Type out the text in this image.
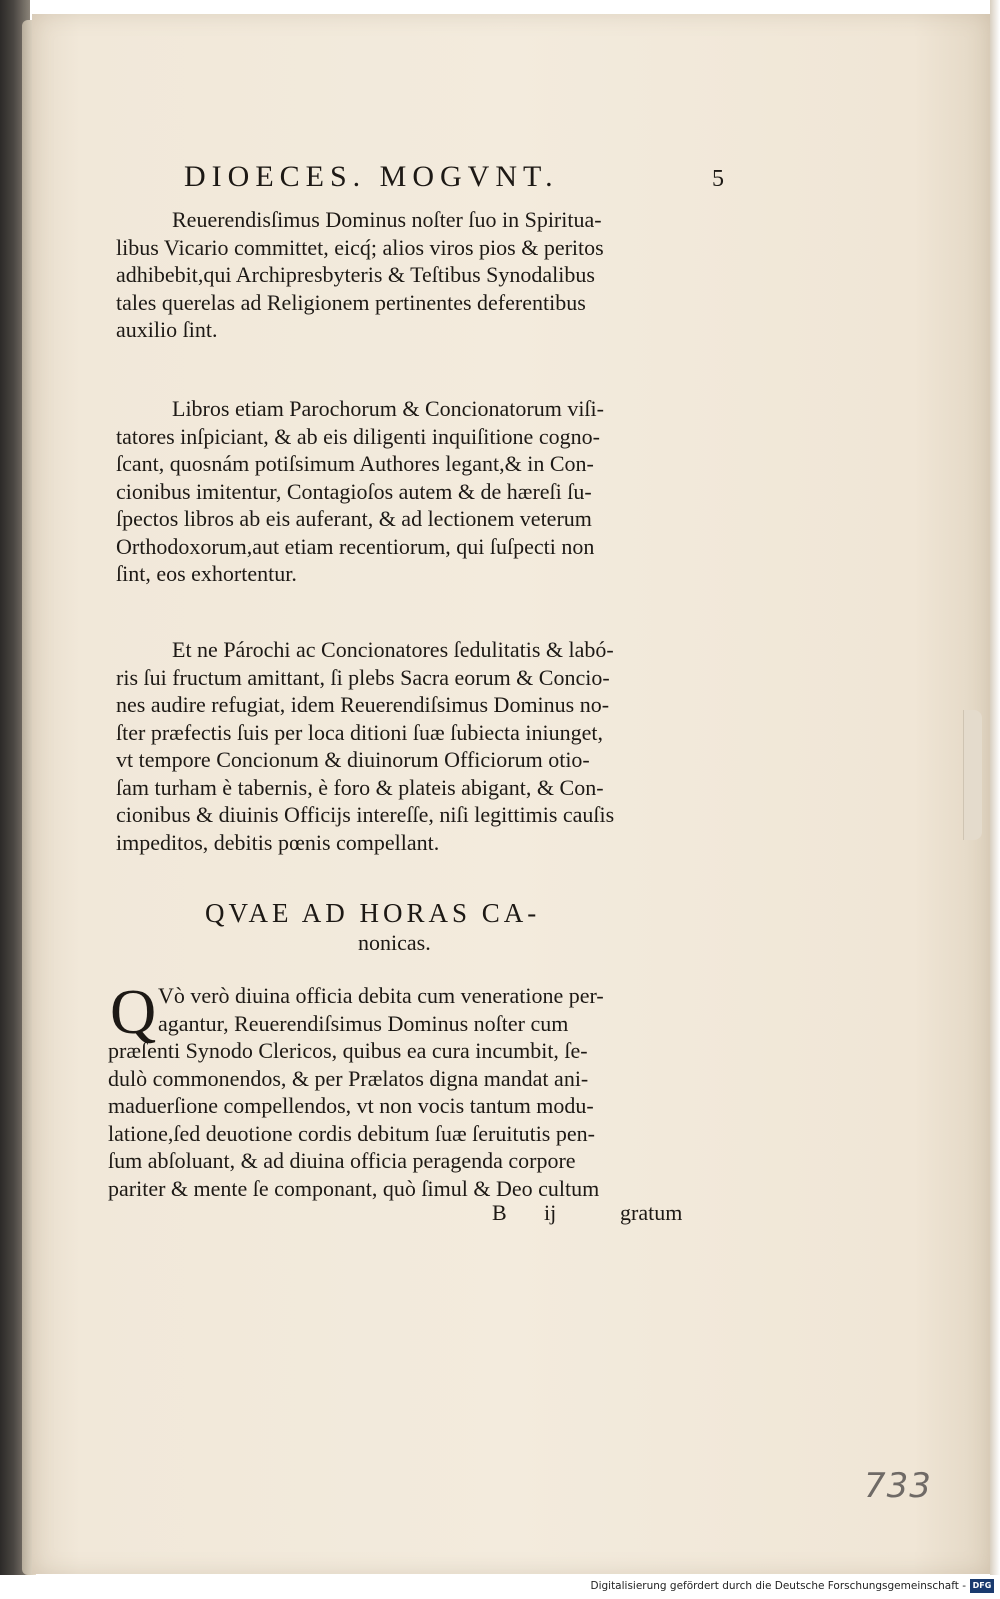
DIOECES. MOGVNT.	5
Reuerendisſimus Dominus noſter ſuo in Spiritua-
libus Vicario committet, eicq́; alios viros pios & peritos
adhibebit,qui Archipresbyteris & Teſtibus Synodalibus
tales querelas ad Religionem pertinentes deferentibus
auxilio ſint.
Libros etiam Parochorum & Concionatorum viſi-
tatores inſpiciant, & ab eis diligenti inquiſitione cogno-
ſcant, quosnám potiſsimum Authores legant,& in Con-
cionibus imitentur, Contagioſos autem & de hæreſi ſu-
ſpectos libros ab eis auferant, & ad lectionem veterum
Orthodoxorum,aut etiam recentiorum, qui ſuſpecti non
ſint, eos exhortentur.
Et ne Párochi ac Concionatores ſedulitatis & labó-
ris ſui fructum amittant, ſi plebs Sacra eorum & Concio-
nes audire refugiat, idem Reuerendiſsimus Dominus no-
ſter præfectis ſuis per loca ditioni ſuæ ſubiecta iniunget,
vt tempore Concionum & diuinorum Officiorum otio-
ſam turham è tabernis, è foro & plateis abigant, & Con-
cionibus & diuinis Officijs intereſſe, niſi legittimis cauſis
impeditos, debitis pœnis compellant.
QVAE AD HORAS CA-
nonicas.
Q Vò verò diuina officia debita cum veneratione per-
agantur, Reuerendiſsimus Dominus noſter cum
præſenti Synodo Clericos, quibus ea cura incumbit, ſe-
dulò commonendos, & per Prælatos digna mandat ani-
maduerſione compellendos, vt non vocis tantum modu-
latione,ſed deuotione cordis debitum ſuæ ſeruitutis pen-
ſum abſoluant, & ad diuina officia peragenda corpore
pariter & mente ſe componant, quò ſimul & Deo cultum
B ij	gratum
733
Digitalisierung gefördert durch die Deutsche Forschungsgemeinschaft - DFG
